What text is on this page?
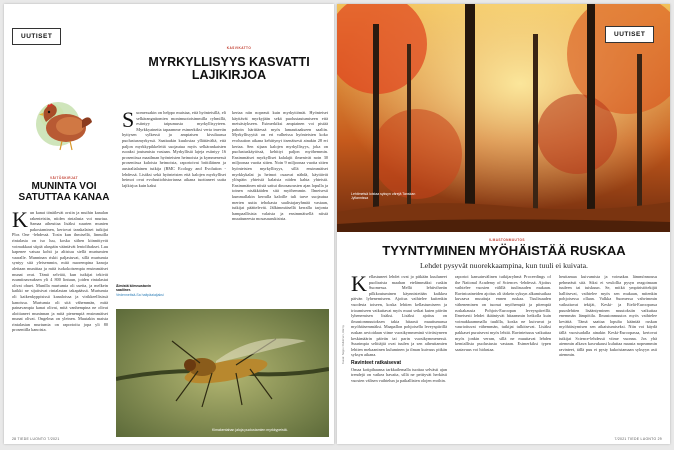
UUTISET
VÄITÖSKIRJAT
MUNINTA VOI SATUTTAA KANAA
Kun kanat tönäilevät orsiin ja muihin kanalan rakenteisiin, niiden rintalasta voi murtua. Samaa aiheuttaa lisäksi suurten munien pakostaminen, kertovat tanskalaiset tutkijat Plos One -lehdessä. Tosin kun ihmisellä, linnuilla rintalasta on iso luu, koska siihen kiinnittyvät voimakkaat siipiä alaspäin vääntävät lentolihakset. Luu kapenee vatsaa kohti ja altistuu siellä murtumien vaaralle. Munninan riskit paljastuvat, sillä murtumia syntyy sitä yleisemmin, mitä nuorempina kanoja alettaan munittaa ja mitä isokokoisempia ensimmäiset munat ovat. Tämä selviää, kun tutkijat tekivät ruumiinavauksen yli 4 800 lintuun, joiden rintalastat olivat ohuet. Munilla murtumia oli useita, ja melkein kaikki ne sijaitsivat rintalastan takapäässä. Murtumia oli kaikenkyppisissä kanaloissa ja virikkeellisissä kanoissa. Murtumia oli sitä vähemmän, mitä painavampia kanat olivat, mitä vanhempina ne olivat aloittaneet muninnan ja mitä pienempiä ensimmäiset munat olivat. Ongelma on yleinen. Muutakin maista rintalastan murtumia on raportoitu jopa yli 80 prosentilla kanoista.
KASVIKATTO
MYRKYLLISYYS KASVATTI LAJIKIRJOA
Suomessakin on helppo muistaa, että hyönteisillä, eli selkärangattomien monimuotoisimmilla ryhmillä, esiintyy taipumusta myrkyllisyyteen. Myrkkyaineita tapaamme esimerkiksi verta imevän hyttysen sylkessä ja ampiaisen kivuliaassa puolustusmyrkyssä. Saattaakin kuulostaa yllättävältä, että paljon myrkkypikkeleitä suojautua myös selkärankaisten ruoaksi joutumista vastaan. Myrkyllisiä lajeja esiintyy 16 prosentissa maailman hyönteisten heimoista ja kymmenessä prosentissa kaloista heimoista, raportoivat brittiläinen ja australialainen tutkija (BMC Ecology and Evolution -lehdessä. Lisäksi sekä hyönteisten että kalojen myrkylliset heimot ovat evoluutiohistoriansa aikana tuottaneet uutta lajikirjoa kuin kaksi
kertaa niin nopeasti kuin myrkyttömät. Hyönteiset käyttävät myrkyjään sekä puolustautumiseen että metsästykseen. Esimerkiksi ampiainen voi pistää pahoin härittäessä myös lamauttaakseen saaliin. Myrkyllisyyttä on eri valheissa hyönteisten koko evoluution aikana kehittynyt itsenäisesti ainakin 28 eri kertaa. Sen sijaan kalojen myrkyllisyys, joka on puolustuskäytössä, kehittyi paljon myöhemmin. Ensimmäiset myrkylliset kalalajit ilmenivät noin 30 miljoonaa vuotta sitten. Noin 9 miljoonaa vuotta sitten hyönteisten myrkyllisyys, sillä ensimmäiset myrkkykalat ja heimot osaavat nähdä, käyttävät ylöspäin yhteisiä kalaisia niiden kahta yhteistä. Ensimmäinen niistä sattui dinosaurusten ajan lopulla ja toinen nisäkkäiden sitä myöhemmin. Ilmeisesti kummallakin kerralla kaloille tuli tarve suojautua merten uutta tehokasta saalistajaryhmää vastaan, tutkijat päättelevät. Jälkimmäisellä kerralla tarjonta hampaallisista valaista ja ensimmäisellä niistä muuttuneesta mosasaurukisista.
Äimistä kiimnustavin saaliiner.
Vedenneitsä-Sa haitpäaiaijaksi
Kimakentahan jaloja puolustamien myrkkypeistä.
28 TIEDE LUONTO 7/2021
UUTISET
Lehtimetsä loistaa syksyn värejä Tanskan Jyllannissa
Kuvat: Seppo Pulkkinen, Alamy
ILMASTONMUUTOS
TYYNTYMINEN MYÖHÄISTÄÄ RUSKAA
Lehdet pysyvät nuorekkaampina, kun tuuli ei kuivata.
Kellastuneet lehdet ovat jo pitkään kuuluneet puoliraista maahan etelämmäksi ruskin Suomessa. Mellä lehtivihreän pilkkoutuminen käynnistetään kaikkea päivän lyhenemiseen. Ajoitus vaihtelee kuitenkin vuodesta toiseen, koska lehtien kellastumiseen ja irtoamiseen vaikuttavat myös muut seikat kuten päivän lyhenemisen lisäksi. Lisäksi ajoitus on ilmastonmuutoksen takia hitaasti muuttumassa myöhäisemmäksi. Maapallon pohjoisella leveyspiirillä ruskan arvioidaan viime vuosikymmeninä viivästyneen keskimäärin päivän tai parin vuosikymmenessä. Suurimpia selittäjiä ovat tuulen ja sen aiheuttamien lehtien mekaaninen kuluminen ja ilman kuivuus pitkän syksyn aikana.
Ravinteet ratkaisevat
Omaa kotipihaansa tarkkailemalla tuottaa selvästi ajan trendejä on vaikea havaita, sillä ne peittyvät herkästi vuosien välisen vaihtelun ja paikallisten olojen eroihin.
raportoi kansainvälinen tutkijaryhmä Proceedings of the National Academy of Sciences -lehdessä. Ajoitus vaihtelee vuosien välillä tuulisuuden mukaan. Ravintoaineiden ajoitus oli tärkein syksyn alkamisaikaa kuvaava muuttuja ennen ruskaa. Tuulisuuden väheneminen on tuonut myöhempiä ja pitempiä ruskakausia Pohjois-Euroopan leveyspiireillä. Ilmeisesti lehdet ikääntyvät hitaammin heikolla kuin voimakkaammalla tuulilla, koska ne kuivuvat ja vaurioituvat vähemmän, tutkijat tulkitsevat. Lisäksi pakkaset puraisevat myös lehtiä. Ravinteisuus vaikuttaa myös jonkin verran, sillä ne muuttavat lehden kemiallista puolustusta vastaan. Esimerkiksi typen saatavuus voi hidastaa.
heuttamaa kuivumista ja voimakas lämmönnousu pehmeästi sitä. Siksi ei veulollia pysyn reagoimaan tuuleen tai tuiskuun. Se, mitkä ympäristötekijät hallitsevat, vaihtelee myös sen mukaan, mitenkin pohjoisessa ollaan. Valkka Suomessa vahvimmin vaikuttavat tekijät, Keski- ja Etelä-Euroopassa puunlehtien lisääntyminen muutoksiin vaikuttaa enemmän lämpötila. Ilmastonmuutos myös vaihtelee kevättä. Tämä saattaa lopulta kääntää ruskan myöhäistymisen sen aikaistumiseksi. Niin voi käydä tällä vuosisadalla ainakin Keski-Euroopassa, kertovat tutkijat Science-lehdessä viime vuonna. Jos yhä aiemmin alkava kasvukausi kuluttaa maasta nopeammin ravinteet, tällä puu ei pysty kukoistamaan syksyyn asti aiemmin.
7/2021 TIEDE LUONTO 29
